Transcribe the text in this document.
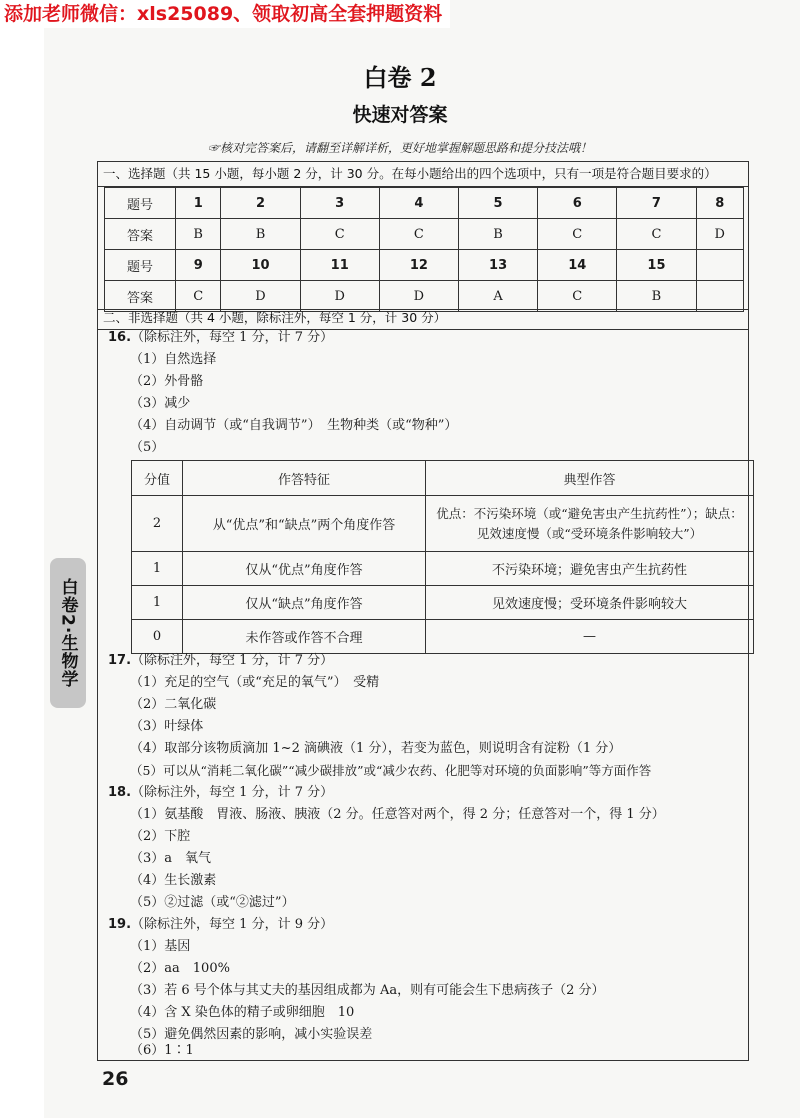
添加老师微信：xls25089、领取初高全套押题资料
白卷2·生物学
白卷 2
快速对答案
☞核对完答案后，请翻至详解详析，更好地掌握解题思路和提分技法哦！
一、选择题（共 15 小题，每小题 2 分，计 30 分。在每小题给出的四个选项中，只有一项是符合题目要求的）
题号	1	2	3	4	5	6	7	8
答案	B	B	C	C	B	C	C	D
题号	9	10	11	12	13	14	15	
答案	C	D	D	D	A	C	B	
二、非选择题（共 4 小题，除标注外，每空 1 分，计 30 分）
16.（除标注外，每空 1 分，计 7 分）
（1）自然选择
（2）外骨骼
（3）减少
（4）自动调节（或“自我调节”）　生物种类（或“物种”）
（5）
分值	作答特征	典型作答
2	从“优点”和“缺点”两个角度作答	优点：不污染环境（或“避免害虫产生抗药性”）；缺点：见效速度慢（或“受环境条件影响较大”）
1	仅从“优点”角度作答	不污染环境；避免害虫产生抗药性
1	仅从“缺点”角度作答	见效速度慢；受环境条件影响较大
0	未作答或作答不合理	—
17.（除标注外，每空 1 分，计 7 分）
（1）充足的空气（或“充足的氧气”）　受精
（2）二氧化碳
（3）叶绿体
（4）取部分该物质滴加 1~2 滴碘液（1 分），若变为蓝色，则说明含有淀粉（1 分）
（5）可以从“消耗二氧化碳”“减少碳排放”或“减少农药、化肥等对环境的负面影响”等方面作答
18.（除标注外，每空 1 分，计 7 分）
（1）氨基酸　胃液、肠液、胰液（2 分。任意答对两个，得 2 分；任意答对一个，得 1 分）
（2）下腔
（3）a　氧气
（4）生长激素
（5）②过滤（或“②滤过”）
19.（除标注外，每空 1 分，计 9 分）
（1）基因
（2）aa　100%
（3）若 6 号个体与其丈夫的基因组成都为 Aa，则有可能会生下患病孩子（2 分）
（4）含 X 染色体的精子或卵细胞　10
（5）避免偶然因素的影响，减小实验误差
（6）1∶1
26
